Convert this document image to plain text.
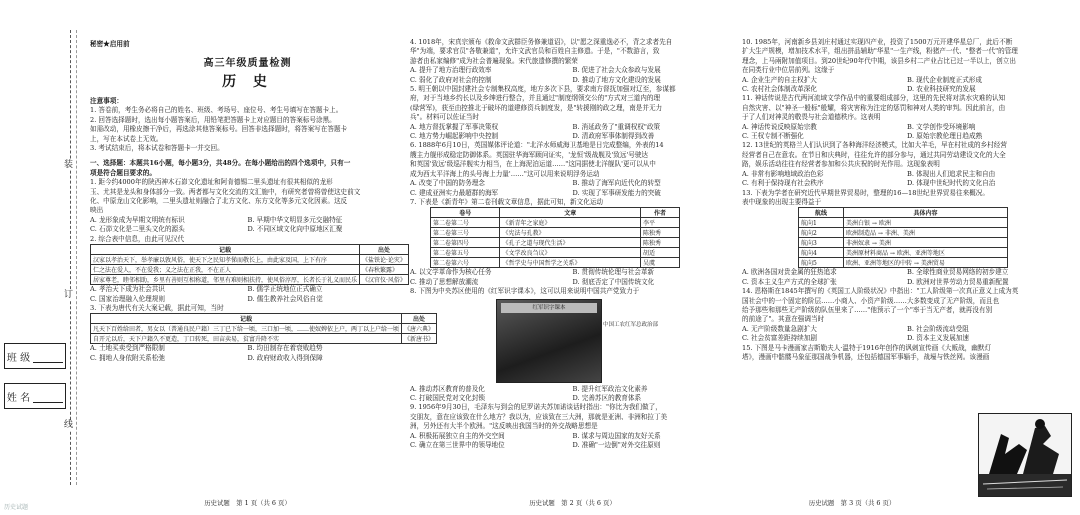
装
订
线
班 级
姓 名
秘密★启用前
高三年级质量检测
历 史

注意事项：

1. 答卷前，考生务必将自己的姓名、班级、考场号、座位号、考生号填写在答题卡上。

2. 回答选择题时，选出每小题答案后，用铅笔把答题卡上对应题目的答案标号涂黑。

如需改动，用橡皮擦干净后，再选涂其他答案标号。回答非选择题时，将答案写在答题卡

上，写在本试卷上无效。

3. 考试结束后，将本试卷和答题卡一并交回。

一、选择题：本题共16小题，每小题3分，共48分。在每小题给出的四个选项中，只有一

项是符合题目要求的。

1. 距今约4000年的陕西神木石峁文化遗址和阿肯德锡二里头遗址有很其相似的龙形

玉、尤其是龙头和身体部分一致。两者都与文化交流的文汇施中，有研究者曾将曾使这史前文

化、中原龙山文化影响，二里头遗址则融合了北方文化、东方文化等多元文化因素。这反

映出

A. 龙形象成为早期文明统有标识	B. 早期中华文明显多元交融特征
C. 石峁文化是二里头文化的源头	D. 不同区域文化向中原地区汇聚

2. 综合表中信息，由此可见汉代

记载	出处
汉家以孝治天下，举孝廉以敦风俗，使天下之民知孝悌而敬长上，由此家及国，上下有序	《盐铁论·论灾》
仁之法在爱人，不在爱我；义之法在正我，不在正人	《春秋繁露》
居家尊老，睦邻相助，乡里有善则互相称道，邻里有难则相扶持，使风俗淳厚，长者长于礼义而民乐	《汉官仪·风俗》
A. 孝治天下成为社会共识	B. 儒学正统地位正式确立
C. 国家治理融入伦理规则	D. 儒生教养社会风俗自觉

3. 下表为唐代有关大案记载，据此可知，当时

记载	出处
凡天下百姓给田者，男女以（普通良民户籍）三丁已下给一顷，三口加一顷，……使奴婢依上户，两丁以上户给一顷	《唐六典》
自开元以后，天下户籍久不更造，丁口转死，田亩卖易，贫富升降不实	《新唐书》
A. 土地买卖受到严格限制	B. 均田制存在着衰败趋势
C. 拥地人身依附关系松弛	D. 政府财政收入得到保障
历史试题　第 1 页（共 6 页）

4. 1018年，宋真宗颁布《救命文武群臣务修兼道诏》，以"愿之深重逸必不，背之求者先自

华"为端，要求官员"各敬兼道"，允许文武官员和百姓自主修遗。于是，"不数游言，致

游者由私家编修"成为社会普遍现象。宋代旅遗修撰的繁荣

A. 提升了地方治理行政效率	B. 促进了社会大众参政与发展
C. 弱化了政府对社会的控制	D. 推动了地方文化建设的发展

5. 明王朝以中国封建社会专制集权高度，地方多次下县，要求南方督抚加强对辽至，参谋都

府，对于当地乡约长以及乡绅进行整合，并且通过"制度纲领交公的"方式对三道内的理

(绿营军)，获至由控推北于破坏的道建修资兵制度发，是"转援刚的政之理，南是并无力

兵"。材料可以佐证当时

A. 地方督抚掌握了军事决策权	B. 消延政务了"重调权权"政策
C. 地方势力崛起影响中央控制	D. 清政府军事体制得到改善

6. 1888年6月10日，英国媒体评论道："北洋水师威海卫基地是日完成整编，外表的14

艘主力舰形成稳定防御体系。英国驻华海军顾问证实，'龙恒'级战舰及'致远'号驶达

和英国'致远'级巡洋舰实力相当，在上海泥泊运道……"这同据使北洋舰队'更可以从中

成为西太平洋海上的头号海上力量'……"这可以用来说明浮务运动

A. 改变了中国的防务理念	B. 推动了海军向近代化的转型
C. 建成亚洲实力最超群的海军	D. 实现了军事研发能力的突破

7. 下表是《新青年》第二卷刊载文章信息，据此可知，新文化运动

卷号	文章	作者
第二卷第二号	《新青年之家庭》	李平
第二卷第三号	《宪法与孔教》	陈独秀
第二卷第四号	《孔子之道与现代生活》	陈独秀
第二卷第五号	《文学改良刍议》	胡适
第二卷第六号	《哲学史与中国哲学之关系》	吴虞
A. 以文学革命作为核心任务	B. 贯彻传统伦理与社会革新
C. 推动了思想解放潮流	D. 彻底否定了中国传统文化

8. 下图为中央苏区使用的《红军识字课本》，这可以用来说明中国共产党致力于

红军识字课本
中国工农红军总政治部
A. 推动苏区教育的普及化	B. 提升红军政治文化素养
C. 打破国民党对文化封锁	D. 完善苏区的教育体系

9. 1956年9月30日，毛泽东与到会的尼罗诺夫苏加诺谈话时指出："你比为我们做了，

交朋友，意在应该致在什么地方？我以为，应该致在三大洲，那就是亚洲、非洲和拉丁美

洲，另外还有大半个欧洲。"这反映出我国当时的外交战略思想是

A. 积极拓展独立自主的外交空间	B. 谋求与周边国家的友好关系
C. 确立在第三世界中的领导地位	D. 准确"一边倒"对外交往原则
历史试题　第 2 页（共 6 页）

10. 1985年，河南新乡县刘庄村通过实现四产业，投资了1500万元开建华星总厂，此后不断

扩大生产规模，增加技术水平，组出拼品辅助"华星"一生产线，粉猪产一代、"整者一代"的管理

理念，上马兩附加值项目。到20世纪90年代中期，该县乡村二产业占比已过一半以上，创立出

在同类行业中位居前列。这缘于

A. 企业生产的自主权扩大	B. 现代企业制度正式形成
C. 农村社会体制改革深化	D. 农业科技研究的发展

11. 神话传说是古代两河流域文学作品中的重要组成部分，这里的先民将对洪水灾难的认知

自然灾害、以"神圣一般标"般耀，将灾害称为注定的惩罚和神对人类的审判。因此前言，由

于了人们对神灵的敬畏与社会道德秩序。这表明

A. 神话传说反映原始宗教	B. 文学创作受环境影响
C. 王权专制不断强化	D. 原始宗教伦理日趋成熟

12. 13世纪的英格兰人们认识到了各种海洋经济模式，比如大羊毛，早在村社成的乡村经营

经营者自己在意农。在节日和庆典时，往往允许的部分参与，通过共同劳动建设文化的大全

路，娱乐活动往往有经营者参加和公共庆祝的时光作用。这现象表明

A. 非常有影响地域政治色彩	B. 体现出人们追求民主和自由
C. 有利于保持现有社会秩序	D. 体现中世纪时代的文化自治

13. 下表为学者在研究近代早期世界贸易时，整理的16—18世纪世界贸易往来概况。

表中现象的出现主要得益于

航线	具体内容
航向1	美洲白银 → 欧洲
航向2	欧洲制造品 → 非洲、美洲
航向3	非洲奴隶 → 美洲
航向4	美洲原材料商品 → 欧洲、亚洲等地区
航向5	欧洲、亚洲等地区的中转 → 美洲贸易
A. 欧洲各国对贵金属的狂热追求	B. 全球性商业贸易网络的初步建立
C. 资本主义生产方式的全球扩张	D. 欧洲对世界劳动力贸易重新配置

14. 恩格斯在1845年撰写的《英国工人阶级状况》中指出："工人阶级第一次真正意义上成为英

国社会中的一个固定的阶层……小商人、小资产阶级……大多数变成了无产阶级，而且也

给予那些和那些无产阶级的队伍里来了……"他预示了一个"率于当无产者，就再没有别

的前途了"。其意在强调当时

A. 无产阶级数量急剧扩大	B. 社会阶级流动受阻
C. 社会贫富差距持续加剧	D. 资本主义发展加速

15. 下图是马卡漫画家吉斯勒夫人·温特于1916年创作的讽刺宣传画《大贩战，幽默灯

塔》，漫画中骷髅马象征那国战争机器，还包括德国军事辎手，战壕与铁丝网。该漫画

历史试题　第 3 页（共 6 页）
历史试题
